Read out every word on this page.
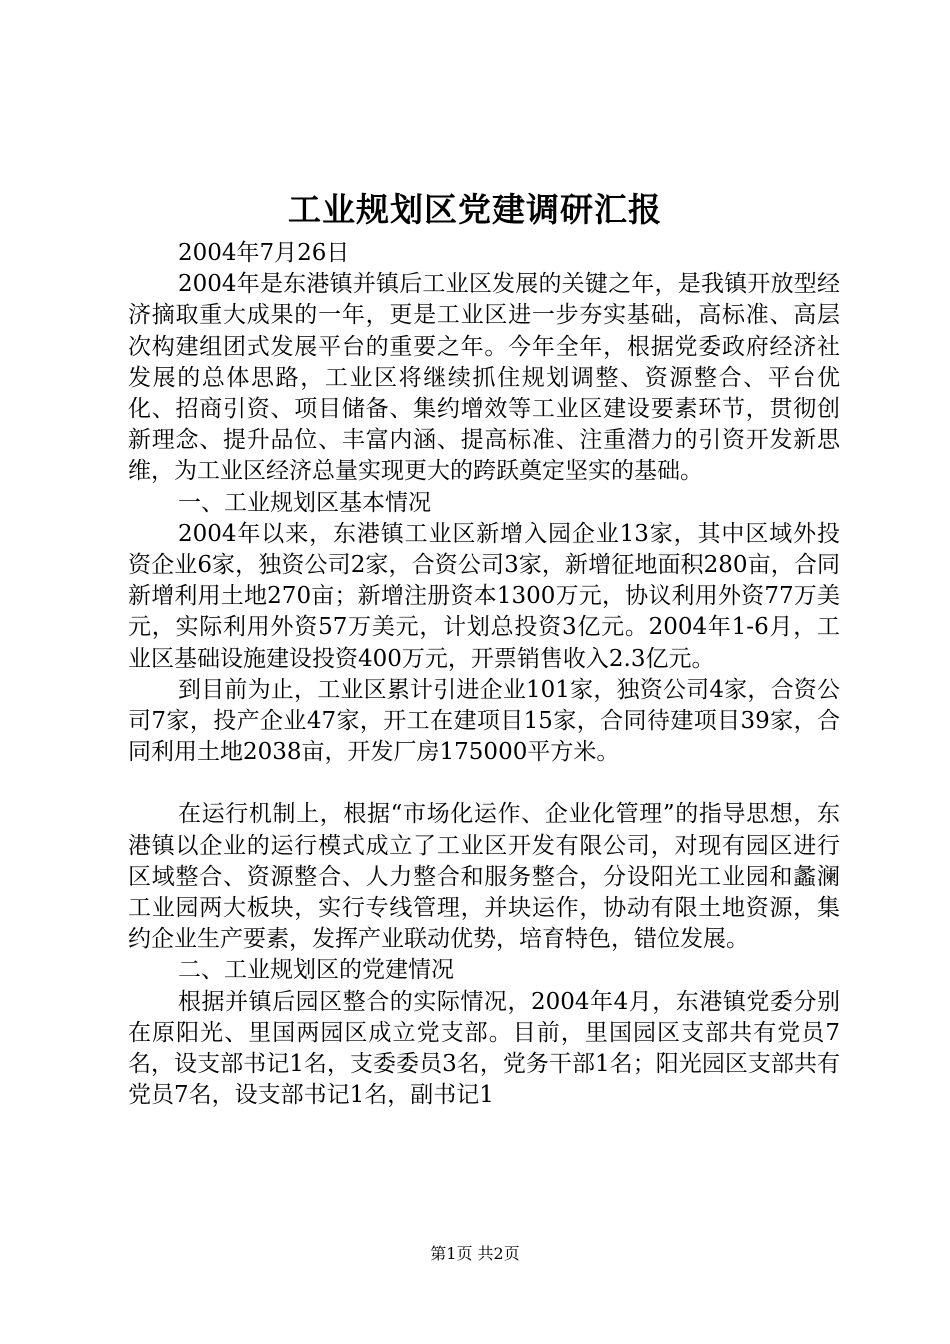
工业规划区党建调研汇报

2004年7月26日

2004年是东港镇并镇后工业区发展的关键之年，是我镇开放型经济摘取重大成果的一年，更是工业区进一步夯实基础，高标准、高层次构建组团式发展平台的重要之年。今年全年，根据党委政府经济社发展的总体思路，工业区将继续抓住规划调整、资源整合、平台优化、招商引资、项目储备、集约增效等工业区建设要素环节，贯彻创新理念、提升品位、丰富内涵、提高标准、注重潜力的引资开发新思维，为工业区经济总量实现更大的跨跃奠定坚实的基础。

一、工业规划区基本情况

2004年以来，东港镇工业区新增入园企业13家，其中区域外投资企业6家，独资公司2家，合资公司3家，新增征地面积280亩，合同新增利用土地270亩；新增注册资本1300万元，协议利用外资77万美元，实际利用外资57万美元，计划总投资3亿元。2004年1-6月，工业区基础设施建设投资400万元，开票销售收入2.3亿元。

到目前为止，工业区累计引进企业101家，独资公司4家，合资公司7家，投产企业47家，开工在建项目15家，合同待建项目39家，合同利用土地2038亩，开发厂房175000平方米。

在运行机制上，根据“市场化运作、企业化管理”的指导思想，东港镇以企业的运行模式成立了工业区开发有限公司，对现有园区进行区域整合、资源整合、人力整合和服务整合，分设阳光工业园和蠡澜工业园两大板块，实行专线管理，并块运作，协动有限土地资源，集约企业生产要素，发挥产业联动优势，培育特色，错位发展。

二、工业规划区的党建情况

根据并镇后园区整合的实际情况，2004年4月，东港镇党委分别在原阳光、里国两园区成立党支部。目前，里国园区支部共有党员7名，设支部书记1名，支委委员3名，党务干部1名；阳光园区支部共有党员7名，设支部书记1名，副书记1

第1页 共2页
